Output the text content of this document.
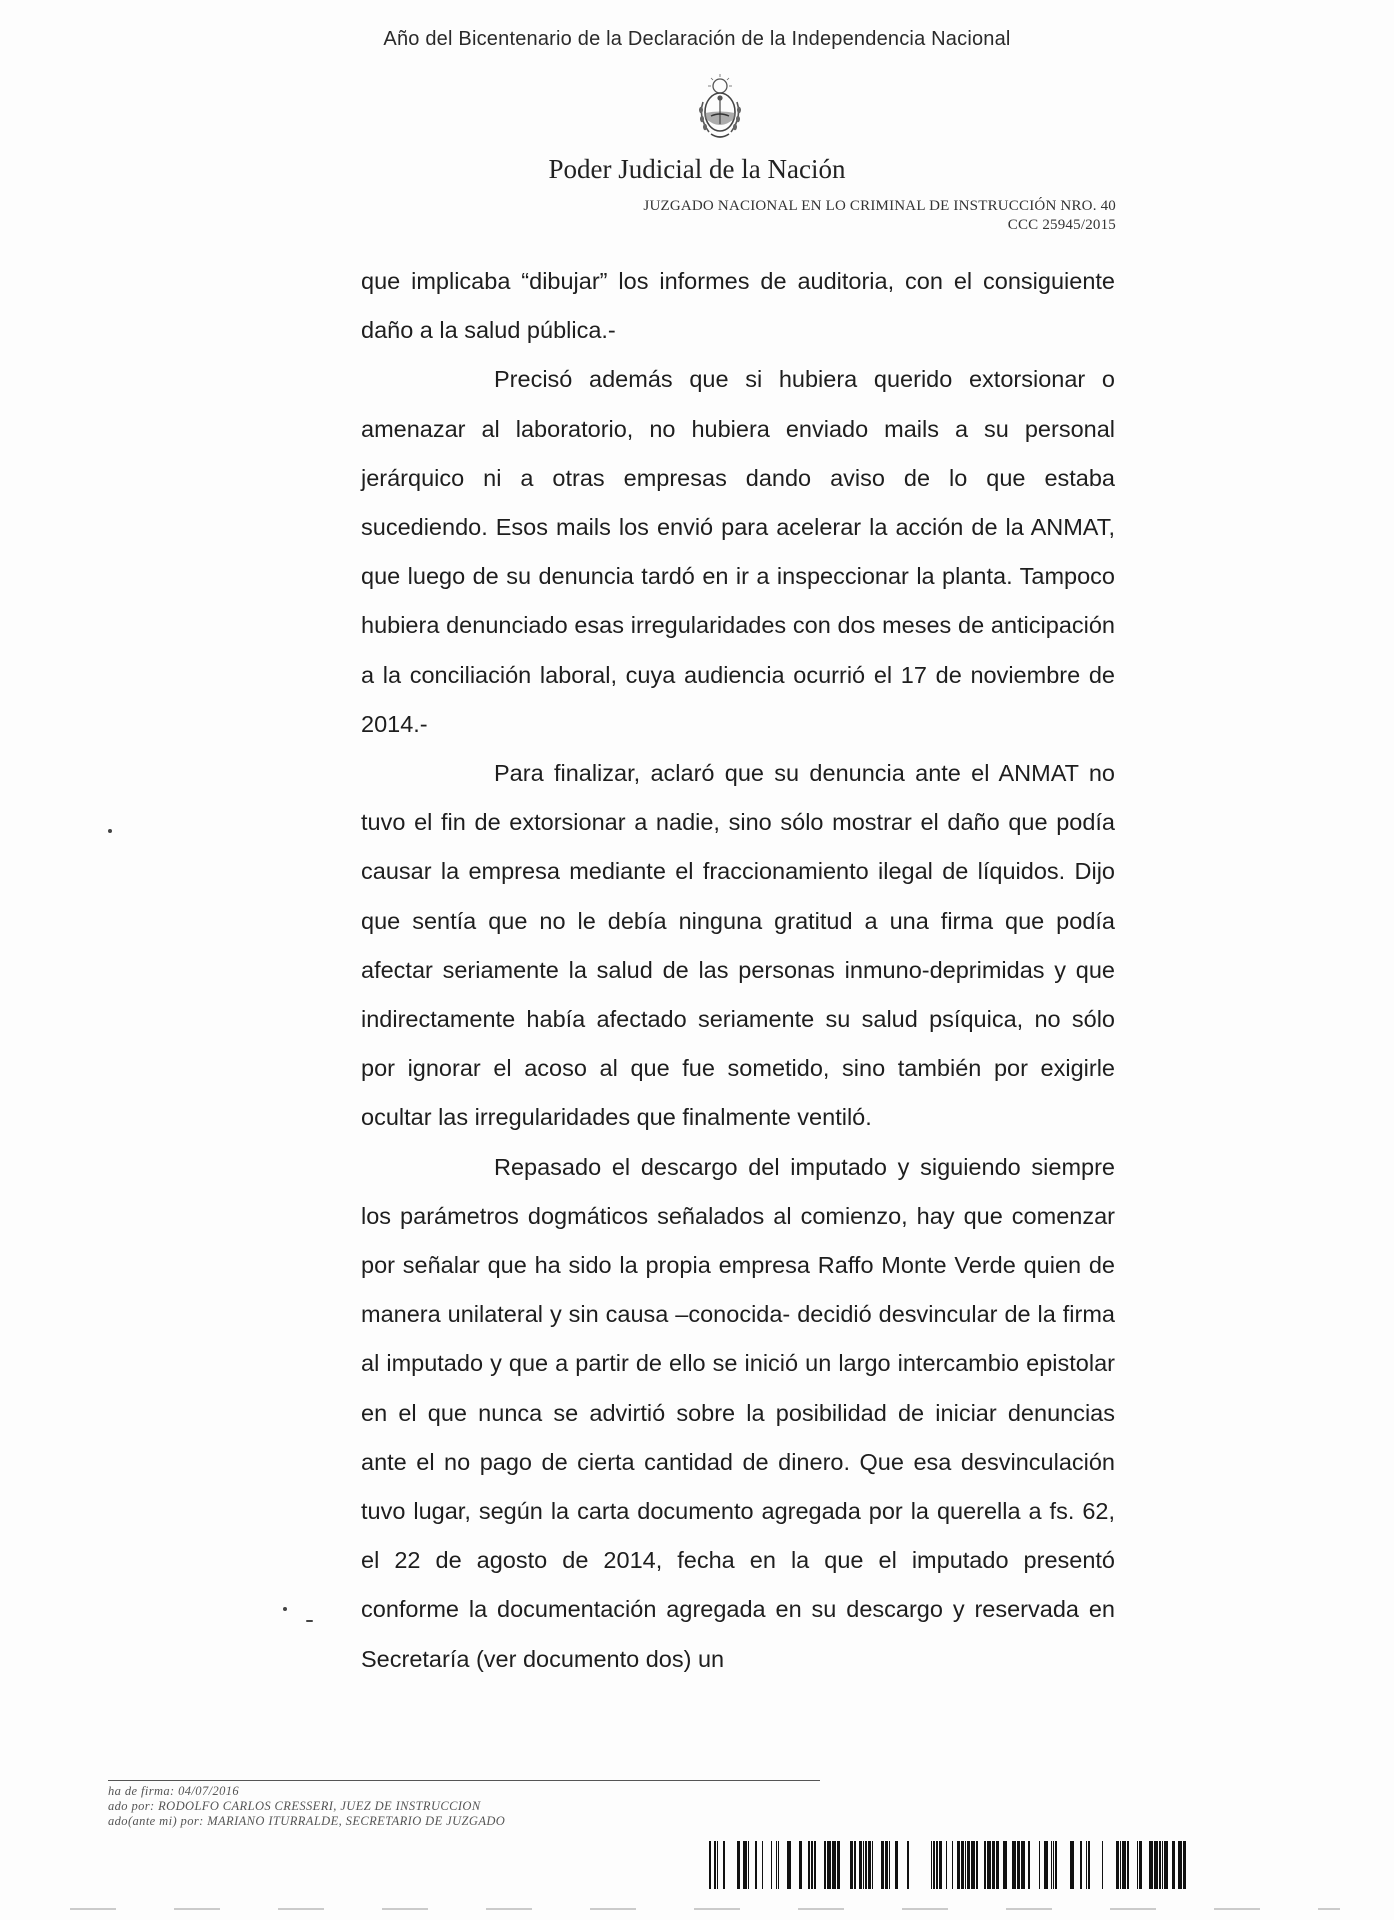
Año del Bicentenario de la Declaración de la Independencia Nacional
Poder Judicial de la Nación
JUZGADO NACIONAL EN LO CRIMINAL DE INSTRUCCIÓN NRO. 40
CCC 25945/2015

que implicaba “dibujar” los informes de auditoria, con el consiguiente daño a la salud pública.-

Precisó además que si hubiera querido extorsionar o amenazar al laboratorio, no hubiera enviado mails a su personal jerárquico ni a otras empresas dando aviso de lo que estaba sucediendo. Esos mails los envió para acelerar la acción de la ANMAT, que luego de su denuncia tardó en ir a inspeccionar la planta. Tampoco hubiera denunciado esas irregularidades con dos meses de anticipación a la conciliación laboral, cuya audiencia ocurrió el 17 de noviembre de 2014.-

Para finalizar, aclaró que su denuncia ante el ANMAT no tuvo el fin de extorsionar a nadie, sino sólo mostrar el daño que podía causar la empresa mediante el fraccionamiento ilegal de líquidos. Dijo que sentía que no le debía ninguna gratitud a una firma que podía afectar seriamente la salud de las personas inmuno-deprimidas y que indirectamente había afectado seriamente su salud psíquica, no sólo por ignorar el acoso al que fue sometido, sino también por exigirle ocultar las irregularidades que finalmente ventiló.

Repasado el descargo del imputado y siguiendo siempre los parámetros dogmáticos señalados al comienzo, hay que comenzar por señalar que ha sido la propia empresa Raffo Monte Verde quien de manera unilateral y sin causa –conocida- decidió desvincular de la firma al imputado y que a partir de ello se inició un largo intercambio epistolar en el que nunca se advirtió sobre la posibilidad de iniciar denuncias ante el no pago de cierta cantidad de dinero. Que esa desvinculación tuvo lugar, según la carta documento agregada por la querella a fs. 62, el 22 de agosto de 2014, fecha en la que el imputado presentó conforme la documentación agregada en su descargo y reservada en Secretaría (ver documento dos) un

ha de firma: 04/07/2016
ado por: RODOLFO CARLOS CRESSERI, JUEZ DE INSTRUCCION
ado(ante mi) por: MARIANO ITURRALDE, SECRETARIO DE JUZGADO
